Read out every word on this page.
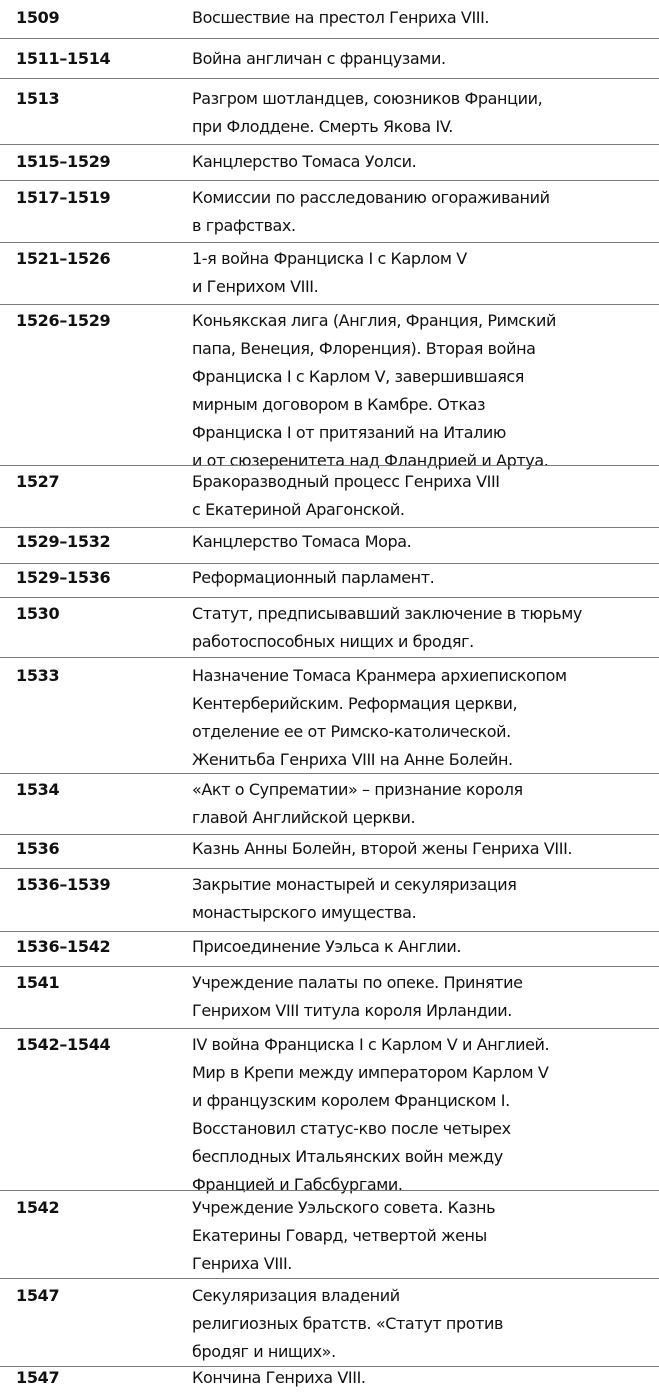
1509	Восшествие на престол Генриха VIII.
1511–1514	Война англичан с французами.
1513	Разгром шотландцев, союзников Франции,
при Флоддене. Смерть Якова IV.
1515–1529	Канцлерство Томаса Уолси.
1517–1519	Комиссии по расследованию огораживаний
в графствах.
1521–1526	1-я война Франциска I с Карлом V
и Генрихом VIII.
1526–1529	Коньякская лига (Англия, Франция, Римский
папа, Венеция, Флоренция). Вторая война
Франциска I с Карлом V, завершившаяся
мирным договором в Камбре. Отказ
Франциска I от притязаний на Италию
и от сюзеренитета над Фландрией и Артуа.
1527	Бракоразводный процесс Генриха VIII
с Екатериной Арагонской.
1529–1532	Канцлерство Томаса Мора.
1529–1536	Реформационный парламент.
1530	Статут, предписывавший заключение в тюрьму
работоспособных нищих и бродяг.
1533	Назначение Томаса Кранмера архиепископом
Кентерберийским. Реформация церкви,
отделение ее от Римско-католической.
Женитьба Генриха VIII на Анне Болейн.
1534	«Акт о Супрематии» – признание короля
главой Английской церкви.
1536	Казнь Анны Болейн, второй жены Генриха VIII.
1536–1539	Закрытие монастырей и секуляризация
монастырского имущества.
1536–1542	Присоединение Уэльса к Англии.
1541	Учреждение палаты по опеке. Принятие
Генрихом VIII титула короля Ирландии.
1542–1544	IV война Франциска I с Карлом V и Англией.
Мир в Крепи между императором Карлом V
и французским королем Франциском I.
Восстановил статус-кво после четырех
бесплодных Итальянских войн между
Францией и Габсбургами.
1542	Учреждение Уэльского совета. Казнь
Екатерины Говард, четвертой жены
Генриха VIII.
1547	Секуляризация владений
религиозных братств. «Статут против
бродяг и нищих».
1547	Кончина Генриха VIII.
